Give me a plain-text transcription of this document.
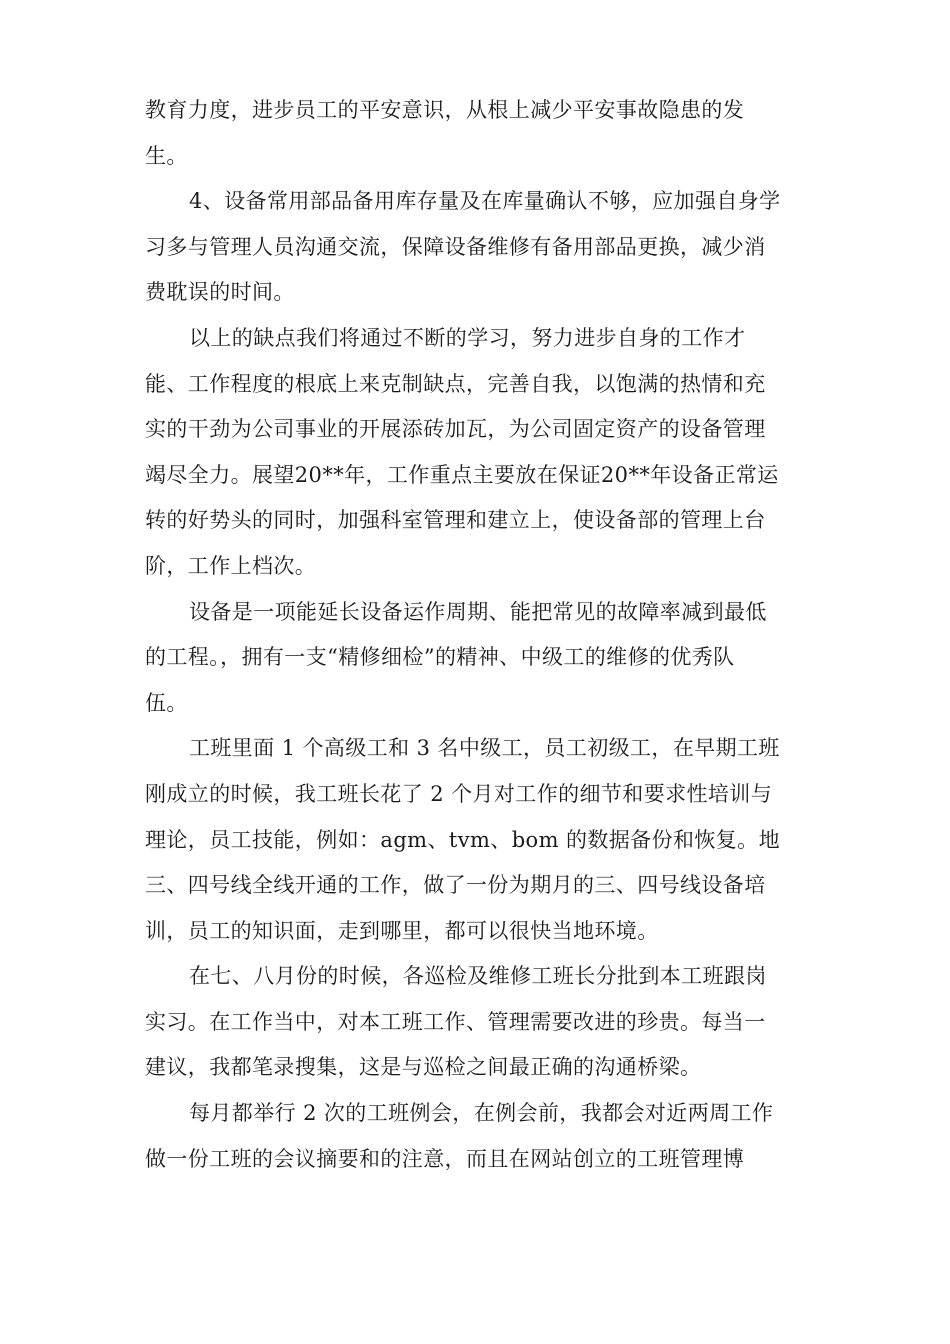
教育力度，进步员工的平安意识，从根上减少平安事故隐患的发
生。
4、设备常用部品备用库存量及在库量确认不够，应加强自身学
习多与管理人员沟通交流，保障设备维修有备用部品更换，减少消
费耽误的时间。
以上的缺点我们将通过不断的学习，努力进步自身的工作才
能、工作程度的根底上来克制缺点，完善自我，以饱满的热情和充
实的干劲为公司事业的开展添砖加瓦，为公司固定资产的设备管理
竭尽全力。展望20**年，工作重点主要放在保证20**年设备正常运
转的好势头的同时，加强科室管理和建立上，使设备部的管理上台
阶，工作上档次。
设备是一项能延长设备运作周期、能把常见的故障率减到最低
的工程。，拥有一支“精修细检”的精神、中级工的维修的优秀队
伍。
工班里面 1 个高级工和 3 名中级工，员工初级工，在早期工班
刚成立的时候，我工班长花了 2 个月对工作的细节和要求性培训与
理论，员工技能，例如：agm、tvm、bom 的数据备份和恢复。地
三、四号线全线开通的工作，做了一份为期月的三、四号线设备培
训，员工的知识面，走到哪里，都可以很快当地环境。
在七、八月份的时候，各巡检及维修工班长分批到本工班跟岗
实习。在工作当中，对本工班工作、管理需要改进的珍贵。每当一
建议，我都笔录搜集，这是与巡检之间最正确的沟通桥梁。
每月都举行 2 次的工班例会，在例会前，我都会对近两周工作
做一份工班的会议摘要和的注意，而且在网站创立的工班管理博
